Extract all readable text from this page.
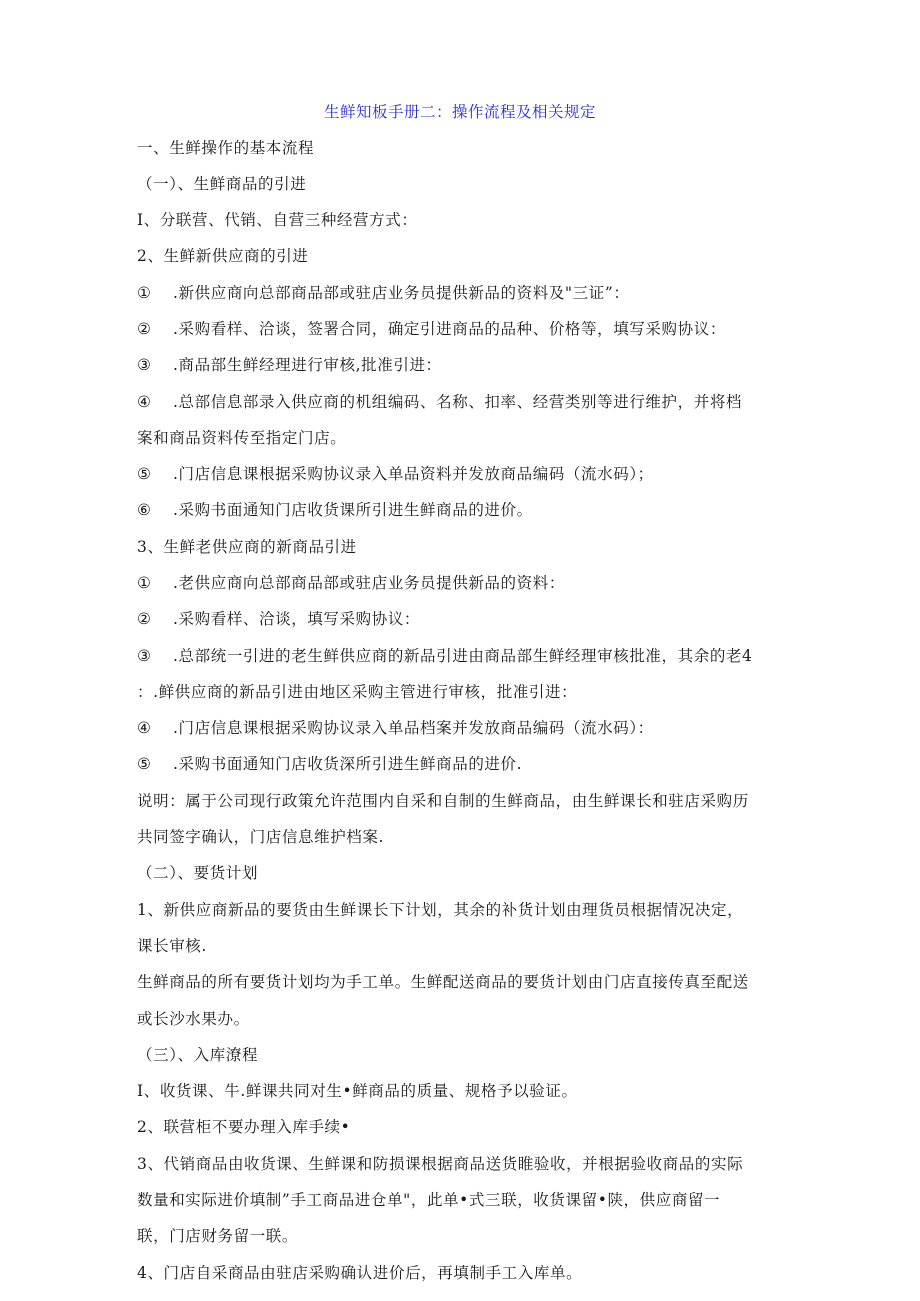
生鲜知板手册二：操作流程及相关规定
一、生鲜操作的基本流程
（一）、生鲜商品的引进
I、分联营、代销、自营三种经营方式：
2、生鲜新供应商的引进
① .新供应商向总部商品部或驻店业务员提供新品的资料及"三证”：
② .采购看样、洽谈，签署合同，确定引进商品的品种、价格等，填写采购协议：
③ .商品部生鲜经理进行审核,批准引进：
④ .总部信息部录入供应商的机组编码、名称、扣率、经营类别等进行维护，并将档
案和商品资料传至指定门店。
⑤ .门店信息课根据采购协议录入单品资料并发放商品编码（流水码）；
⑥ .采购书面通知门店收货课所引进生鲜商品的进价。
3、生鲜老供应商的新商品引进
① .老供应商向总部商品部或驻店业务员提供新品的资料：
② .采购看样、洽谈，填写采购协议：
③ .总部统一引进的老生鲜供应商的新品引进由商品部生鲜经理审核批准，其余的老4
：.鲜供应商的新品引进由地区采购主管进行审核，批准引进：
④ .门店信息课根据采购协议录入单品档案并发放商品编码（流水码）：
⑤ .采购书面通知门店收货深所引进生鲜商品的进价.
说明：属于公司现行政策允许范围内自采和自制的生鲜商品，由生鲜课长和驻店采购历
共同签字确认，门店信息维护档案.
（二）、要货计划
1、新供应商新品的要货由生鲜课长下计划，其余的补货计划由理货员根据情况决定，
课长审核.
生鲜商品的所有要货计划均为手工单。生鲜配送商品的要货计划由门店直接传真至配送
或长沙水果办。
（三）、入库潦程
I、收货课、牛.鲜课共同对生•鲜商品的质量、规格予以验证。
2、联营柜不要办理入库手续•
3、代销商品由收货课、生鲜课和防损课根据商品送货睢验收，并根据验收商品的实际
数量和实际进价填制”手工商品进仓单"，此单•式三联，收货课留•陕，供应商留一
联，门店财务留一联。
4、门店自采商品由驻店采购确认进价后，再填制手工入库单。
